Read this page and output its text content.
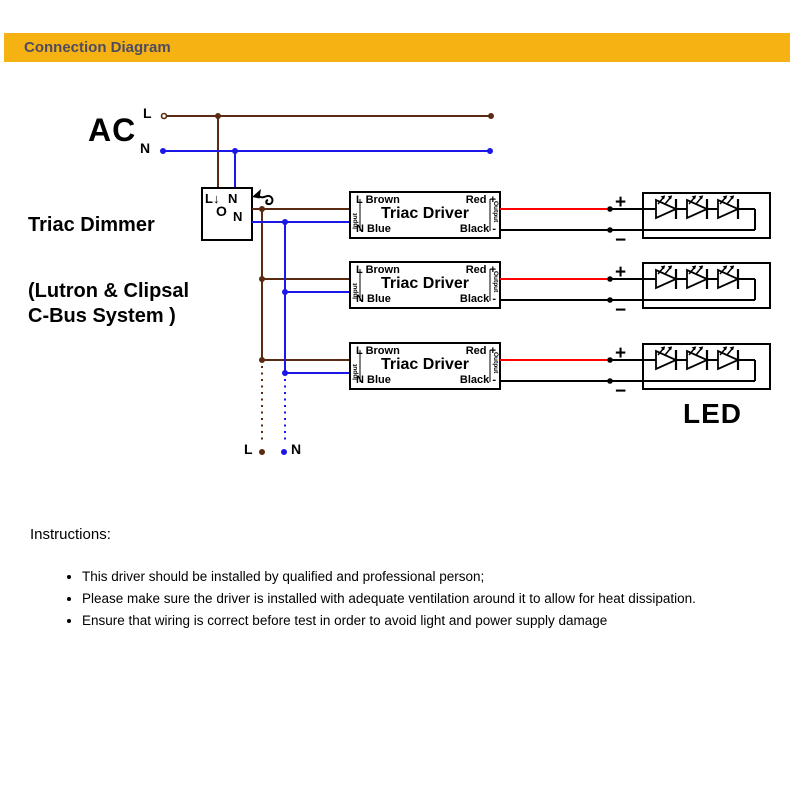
Connection Diagram
AC L
N
Triac Dimmer
(Lutron & Clipsal
C-Bus System )
L↓ N
O N
L Brown
N Blue
Red +
Black -
Triac Driver
Input	Output	+
−
L Brown
N Blue
Red +
Black -
Triac Driver
Input	Output	+
−
L Brown
N Blue
Red +
Black -
Triac Driver
Input	Output	+
−
LED
L	N
Instructions:
• This driver should be installed by qualified and professional person;
• Please make sure the driver is installed with adequate ventilation around it to allow for heat dissipation.
• Ensure that wiring is correct before test in order to avoid light and power supply damage
